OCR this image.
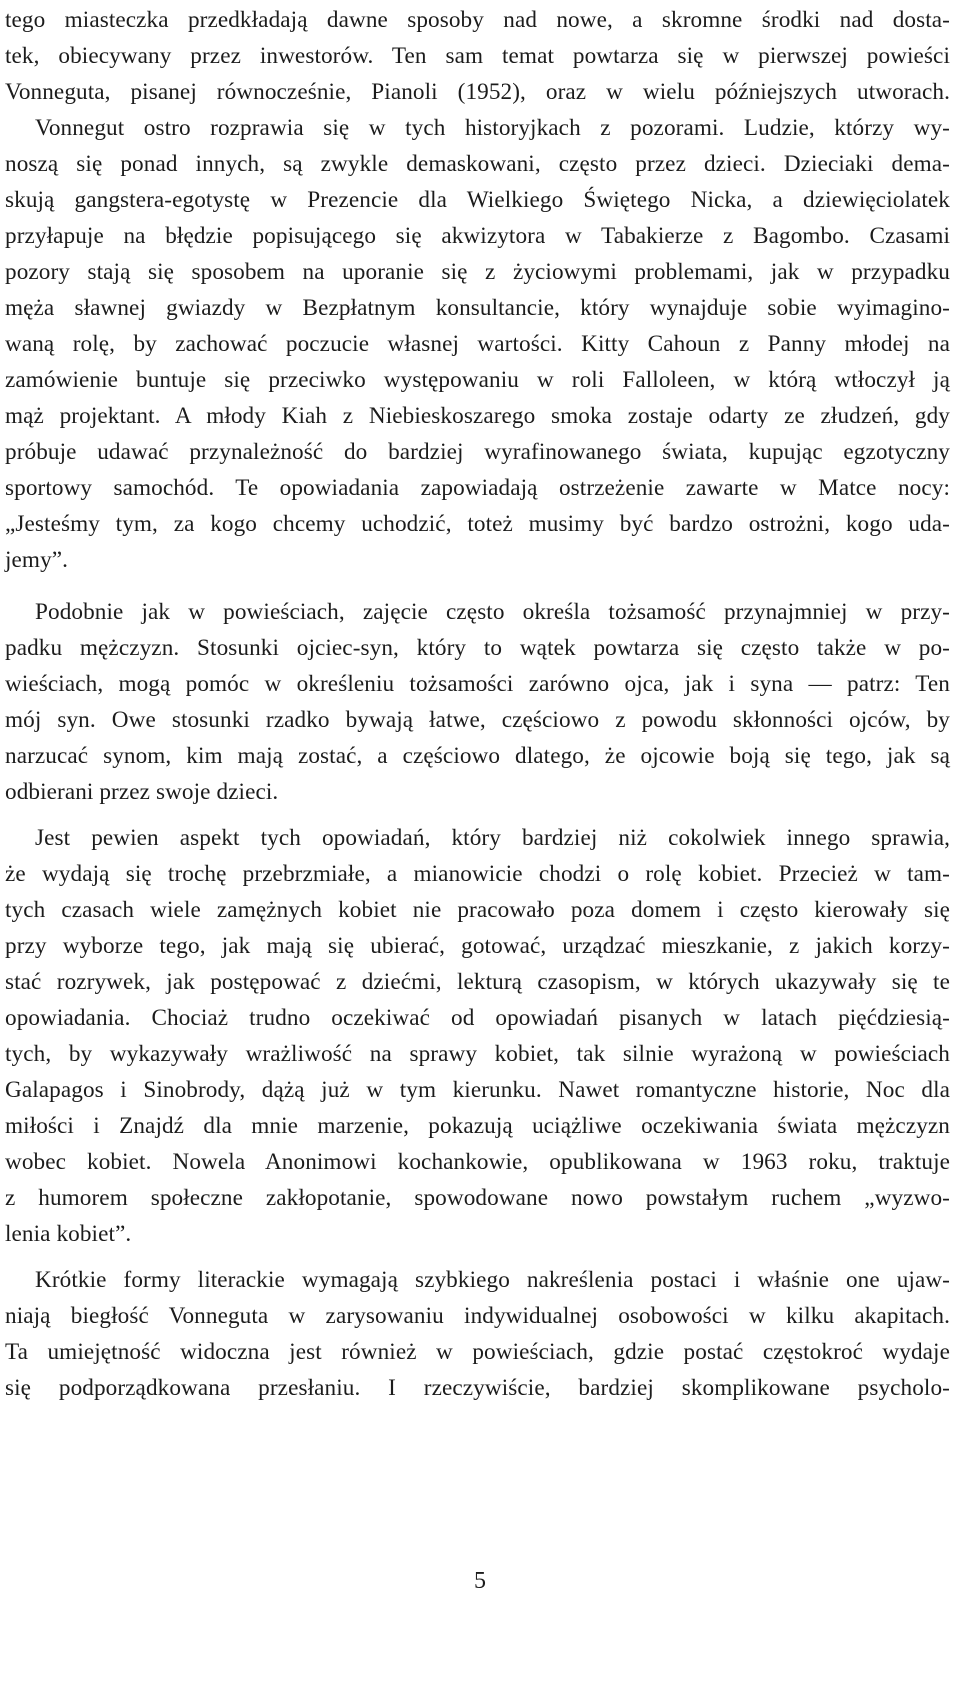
tego miasteczka przedkładają dawne sposoby nad nowe, a skromne środki nad dosta-
tek, obiecywany przez inwestorów. Ten sam temat powtarza się w pierwszej powieści
Vonneguta, pisanej równocześnie, Pianoli (1952), oraz w wielu późniejszych utworach.
Vonnegut ostro rozprawia się w tych historyjkach z pozorami. Ludzie, którzy wy-
noszą się ponad innych, są zwykle demaskowani, często przez dzieci. Dzieciaki dema-
skują gangstera-egotystę w Prezencie dla Wielkiego Świętego Nicka, a dziewięciolatek
przyłapuje na błędzie popisującego się akwizytora w Tabakierze z Bagombo. Czasami
pozory stają się sposobem na uporanie się z życiowymi problemami, jak w przypadku
męża sławnej gwiazdy w Bezpłatnym konsultancie, który wynajduje sobie wyimagino-
waną rolę, by zachować poczucie własnej wartości. Kitty Cahoun z Panny młodej na
zamówienie buntuje się przeciwko występowaniu w roli Falloleen, w którą wtłoczył ją
mąż projektant. A młody Kiah z Niebieskoszarego smoka zostaje odarty ze złudzeń, gdy
próbuje udawać przynależność do bardziej wyrafinowanego świata, kupując egzotyczny
sportowy samochód. Te opowiadania zapowiadają ostrzeżenie zawarte w Matce nocy:
„Jesteśmy tym, za kogo chcemy uchodzić, toteż musimy być bardzo ostrożni, kogo uda-
jemy”.
Podobnie jak w powieściach, zajęcie często określa tożsamość przynajmniej w przy-
padku mężczyzn. Stosunki ojciec-syn, który to wątek powtarza się często także w po-
wieściach, mogą pomóc w określeniu tożsamości zarówno ojca, jak i syna — patrz: Ten
mój syn. Owe stosunki rzadko bywają łatwe, częściowo z powodu skłonności ojców, by
narzucać synom, kim mają zostać, a częściowo dlatego, że ojcowie boją się tego, jak są
odbierani przez swoje dzieci.
Jest pewien aspekt tych opowiadań, który bardziej niż cokolwiek innego sprawia,
że wydają się trochę przebrzmiałe, a mianowicie chodzi o rolę kobiet. Przecież w tam-
tych czasach wiele zamężnych kobiet nie pracowało poza domem i często kierowały się
przy wyborze tego, jak mają się ubierać, gotować, urządzać mieszkanie, z jakich korzy-
stać rozrywek, jak postępować z dziećmi, lekturą czasopism, w których ukazywały się te
opowiadania. Chociaż trudno oczekiwać od opowiadań pisanych w latach pięćdziesią-
tych, by wykazywały wrażliwość na sprawy kobiet, tak silnie wyrażoną w powieściach
Galapagos i Sinobrody, dążą już w tym kierunku. Nawet romantyczne historie, Noc dla
miłości i Znajdź dla mnie marzenie, pokazują uciążliwe oczekiwania świata mężczyzn
wobec kobiet. Nowela Anonimowi kochankowie, opublikowana w 1963 roku, traktuje
z humorem społeczne zakłopotanie, spowodowane nowo powstałym ruchem „wyzwo-
lenia kobiet”.
Krótkie formy literackie wymagają szybkiego nakreślenia postaci i właśnie one ujaw-
niają biegłość Vonneguta w zarysowaniu indywidualnej osobowości w kilku akapitach.
Ta umiejętność widoczna jest również w powieściach, gdzie postać częstokroć wydaje
się podporządkowana przesłaniu. I rzeczywiście, bardziej skomplikowane psycholo-
5
